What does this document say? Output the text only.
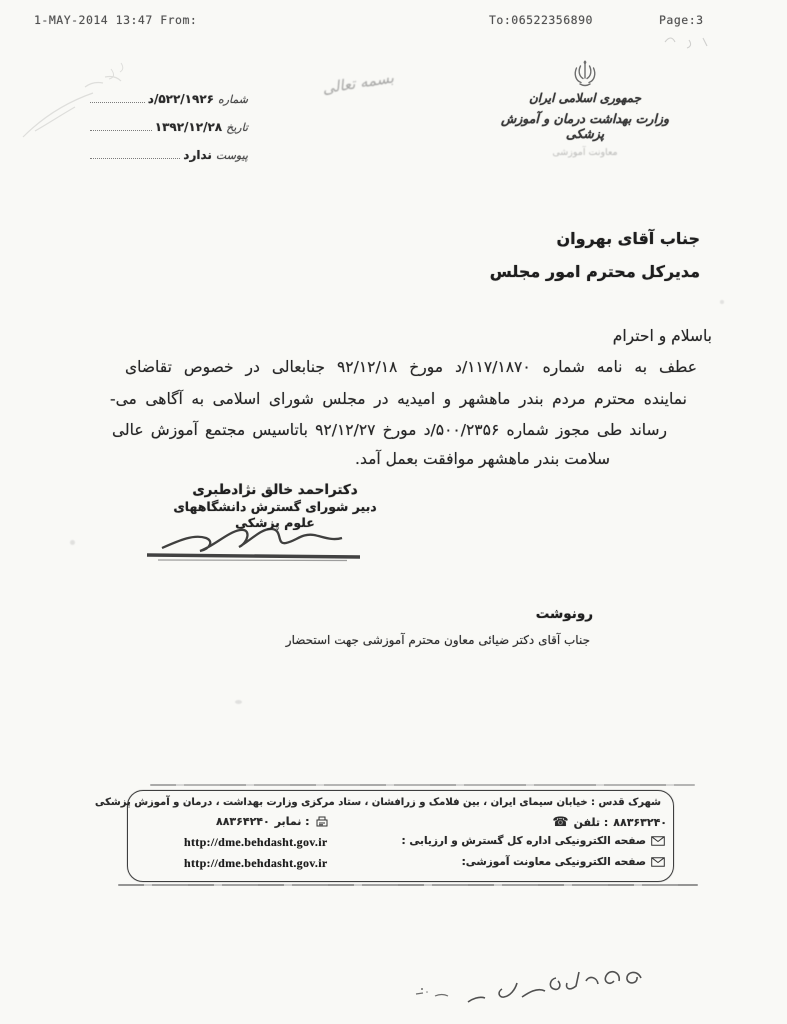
1-MAY-2014 13:47 From:	To:06522356890	Page:3
جمهوری اسلامی ایران
وزارت بهداشت درمان و آموزش پزشکی
معاونت آموزشی
بسمه تعالی
شماره
۵۲۲/۱۹۲۶/د
تاریخ
۱۳۹۲/۱۲/۲۸
پیوست
ندارد
جناب آقای بهروان
مدیرکل محترم امور مجلس
باسلام و احترام
عطف به نامه شماره ۱۱۷/۱۸۷۰/د مورخ ۹۲/۱۲/۱۸ جنابعالی در خصوص تقاضای
نماینده محترم مردم بندر ماهشهر و امیدیه در مجلس شورای اسلامی به آگاهی می-
رساند طی مجوز شماره ۵۰۰/۲۳۵۶/د مورخ ۹۲/۱۲/۲۷ باتاسیس مجتمع آموزش عالی
سلامت بندر ماهشهر موافقت بعمل آمد.
دکتراحمد خالق نژادطبری
دبیر شورای گسترش دانشگاههای
علوم پزشکی
رونوشت
جناب آقای دکتر ضیائی معاون محترم آموزشی جهت استحضار
شهرک قدس : خیابان سیمای ایران ، بین فلامک و زرافشان ، ستاد مرکزی وزارت بهداشت ، درمان و آموزش پزشکی
۸۸۳۶۴۲۴۰ نمابر :	☎ تلفن : ۸۸۳۶۳۲۴۰
صفحه الکترونیکی اداره کل گسترش و ارزیابی :
http://dme.behdasht.gov.ir
صفحه الکترونیکی معاونت آموزشی:
http://dme.behdasht.gov.ir
